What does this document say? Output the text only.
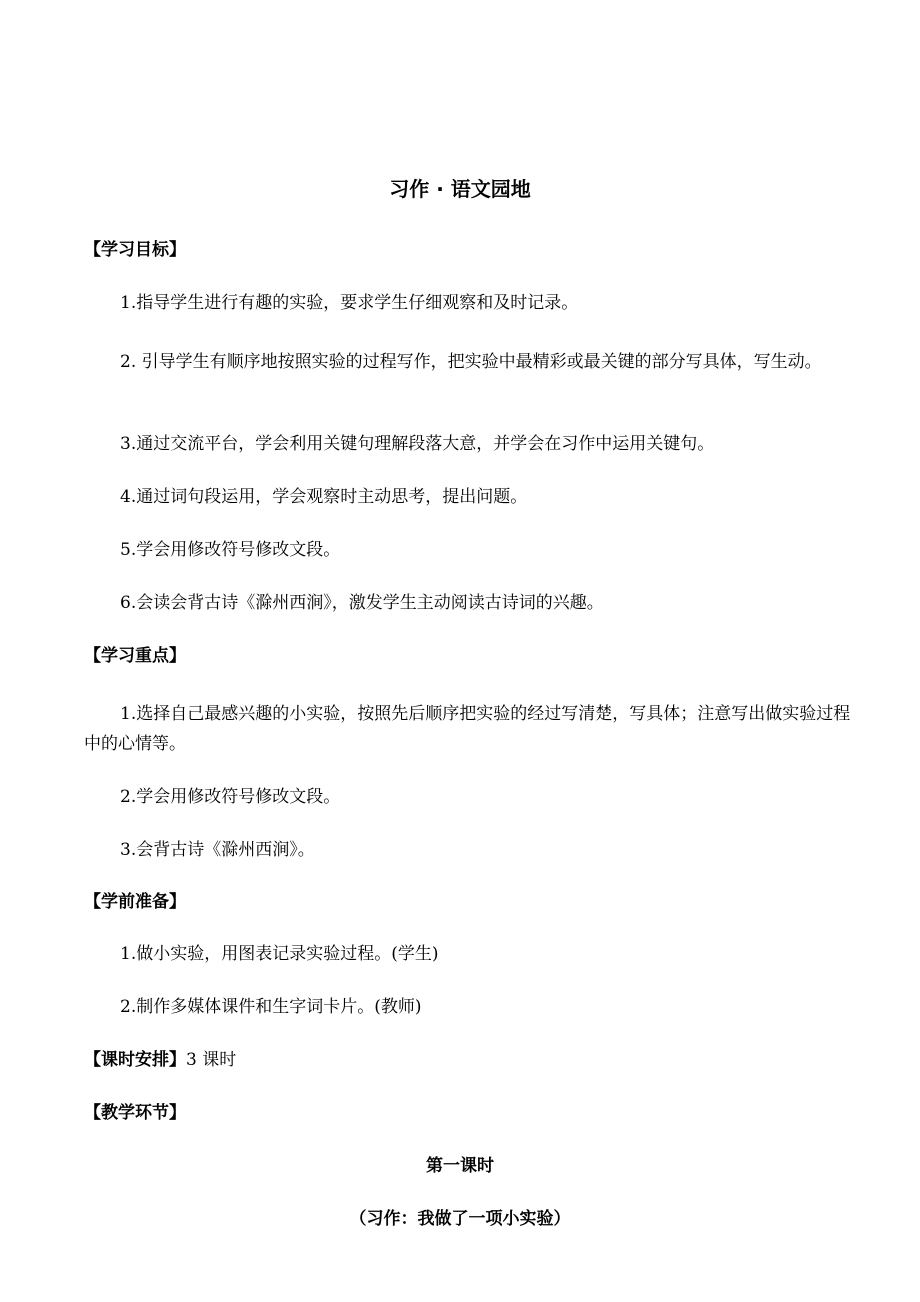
习作 · 语文园地
【学习目标】
1.指导学生进行有趣的实验，要求学生仔细观察和及时记录。
2. 引导学生有顺序地按照实验的过程写作，把实验中最精彩或最关键的部分写具体，写生动。
3.通过交流平台，学会利用关键句理解段落大意，并学会在习作中运用关键句。
4.通过词句段运用，学会观察时主动思考，提出问题。
5.学会用修改符号修改文段。
6.会读会背古诗《滁州西涧》，激发学生主动阅读古诗词的兴趣。
【学习重点】
1.选择自己最感兴趣的小实验，按照先后顺序把实验的经过写清楚，写具体；注意写出做实验过程中的心情等。
2.学会用修改符号修改文段。
3.会背古诗《滁州西涧》。
【学前准备】
1.做小实验，用图表记录实验过程。(学生)
2.制作多媒体课件和生字词卡片。(教师)
【课时安排】3 课时
【教学环节】
第一课时
（习作：我做了一项小实验）
